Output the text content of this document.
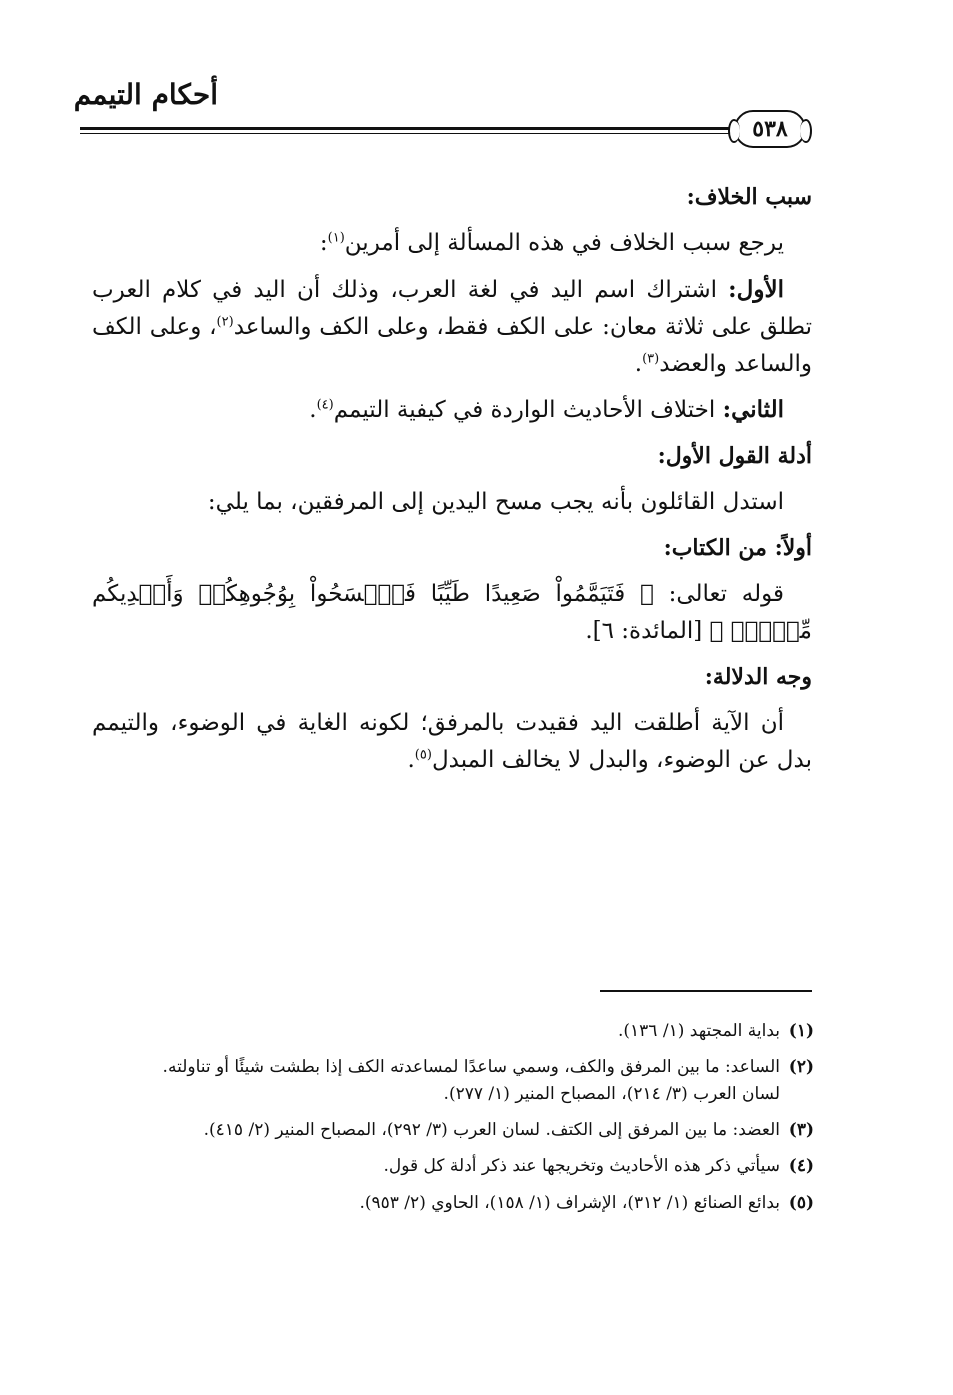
أحكام التيمم
٥٣٨

سبب الخلاف:

يرجع سبب الخلاف في هذه المسألة إلى أمرين$^{(١)}$:

الأول: اشتراك اسم اليد في لغة العرب، وذلك أن اليد في كلام العرب تطلق على ثلاثة معان: على الكف فقط، وعلى الكف والساعد$^{(٢)}$، وعلى الكف والساعد والعضد$^{(٣)}$.

الثاني: اختلاف الأحاديث الواردة في كيفية التيمم$^{(٤)}$.

أدلة القول الأول:

استدل القائلون بأنه يجب مسح اليدين إلى المرفقين، بما يلي:

أولاً: من الكتاب:

قوله تعالى: ﴿ فَتَيَمَّمُواْ صَعِيدًا طَيِّبًا فَٱمۡسَحُواْ بِوُجُوهِكُمۡ وَأَيۡدِيكُم مِّنۡهُۚ ﴾ [المائدة: ٦].

وجه الدلالة:

أن الآية أطلقت اليد فقيدت بالمرفق؛ لكونه الغاية في الوضوء، والتيمم بدل عن الوضوء، والبدل لا يخالف المبدل$^{(٥)}$.

(١)
بداية المجتهد (١/ ١٣٦).
(٢)
الساعد: ما بين المرفق والكف، وسمي ساعدًا لمساعدته الكف إذا بطشت شيئًا أو تناولته.
لسان العرب (٣/ ٢١٤)، المصباح المنير (١/ ٢٧٧).
(٣)
العضد: ما بين المرفق إلى الكتف. لسان العرب (٣/ ٢٩٢)، المصباح المنير (٢/ ٤١٥).
(٤)
سيأتي ذكر هذه الأحاديث وتخريجها عند ذكر أدلة كل قول.
(٥)
بدائع الصنائع (١/ ٣١٢)، الإشراف (١/ ١٥٨)، الحاوي (٢/ ٩٥٣).
